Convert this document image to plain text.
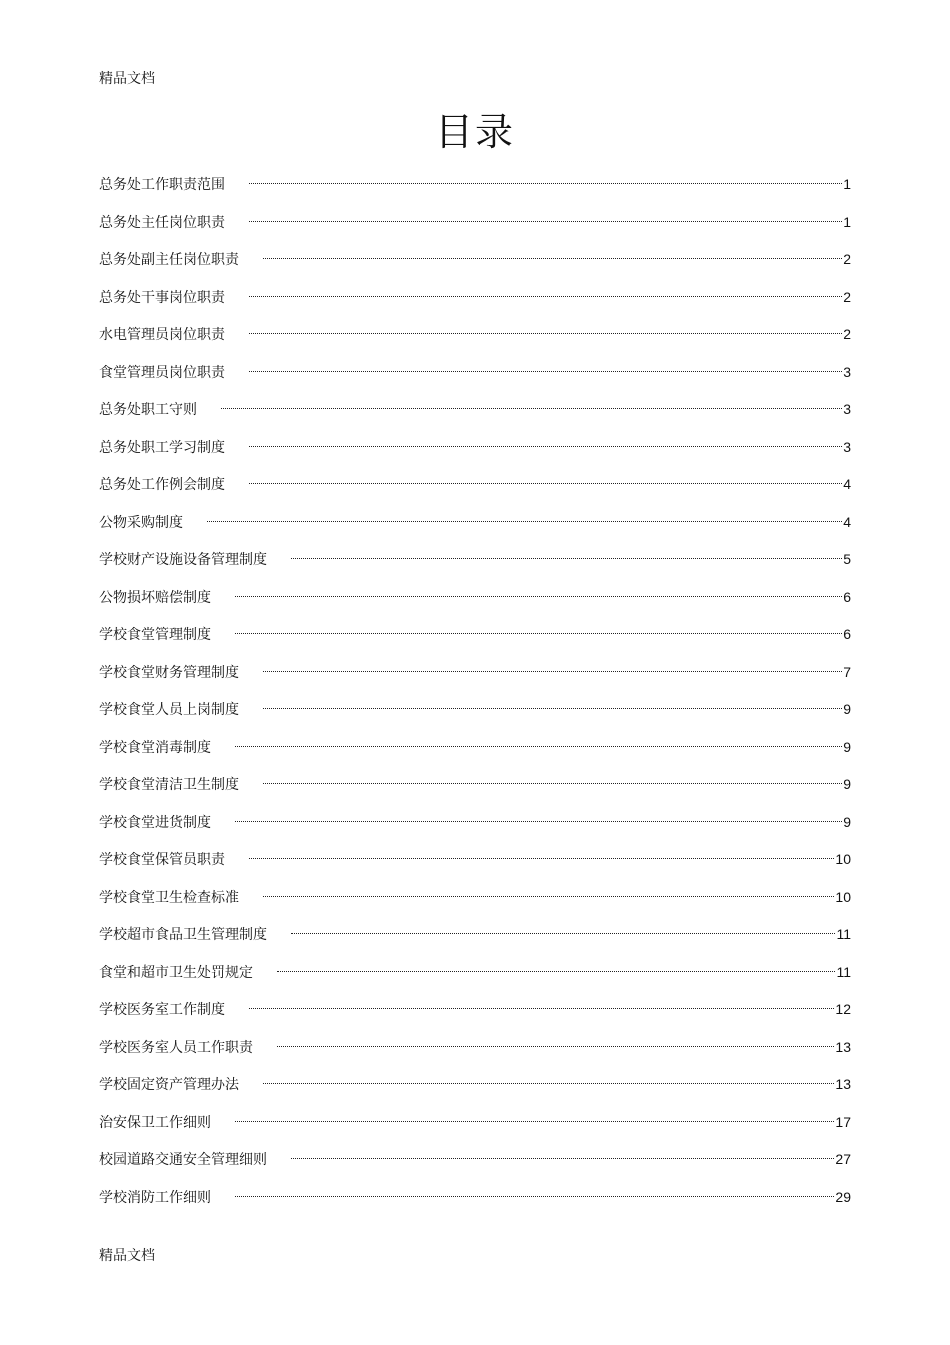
精品文档
目录
总务处工作职责范围	1
总务处主任岗位职责	1
总务处副主任岗位职责	2
总务处干事岗位职责	2
水电管理员岗位职责	2
食堂管理员岗位职责	3
总务处职工守则	3
总务处职工学习制度	3
总务处工作例会制度	4
公物采购制度	4
学校财产设施设备管理制度	5
公物损坏赔偿制度	6
学校食堂管理制度	6
学校食堂财务管理制度	7
学校食堂人员上岗制度	9
学校食堂消毒制度	9
学校食堂清洁卫生制度	9
学校食堂进货制度	9
学校食堂保管员职责	10
学校食堂卫生检查标准	10
学校超市食品卫生管理制度	11
食堂和超市卫生处罚规定	11
学校医务室工作制度	12
学校医务室人员工作职责	13
学校固定资产管理办法	13
治安保卫工作细则	17
校园道路交通安全管理细则	27
学校消防工作细则	29
精品文档
